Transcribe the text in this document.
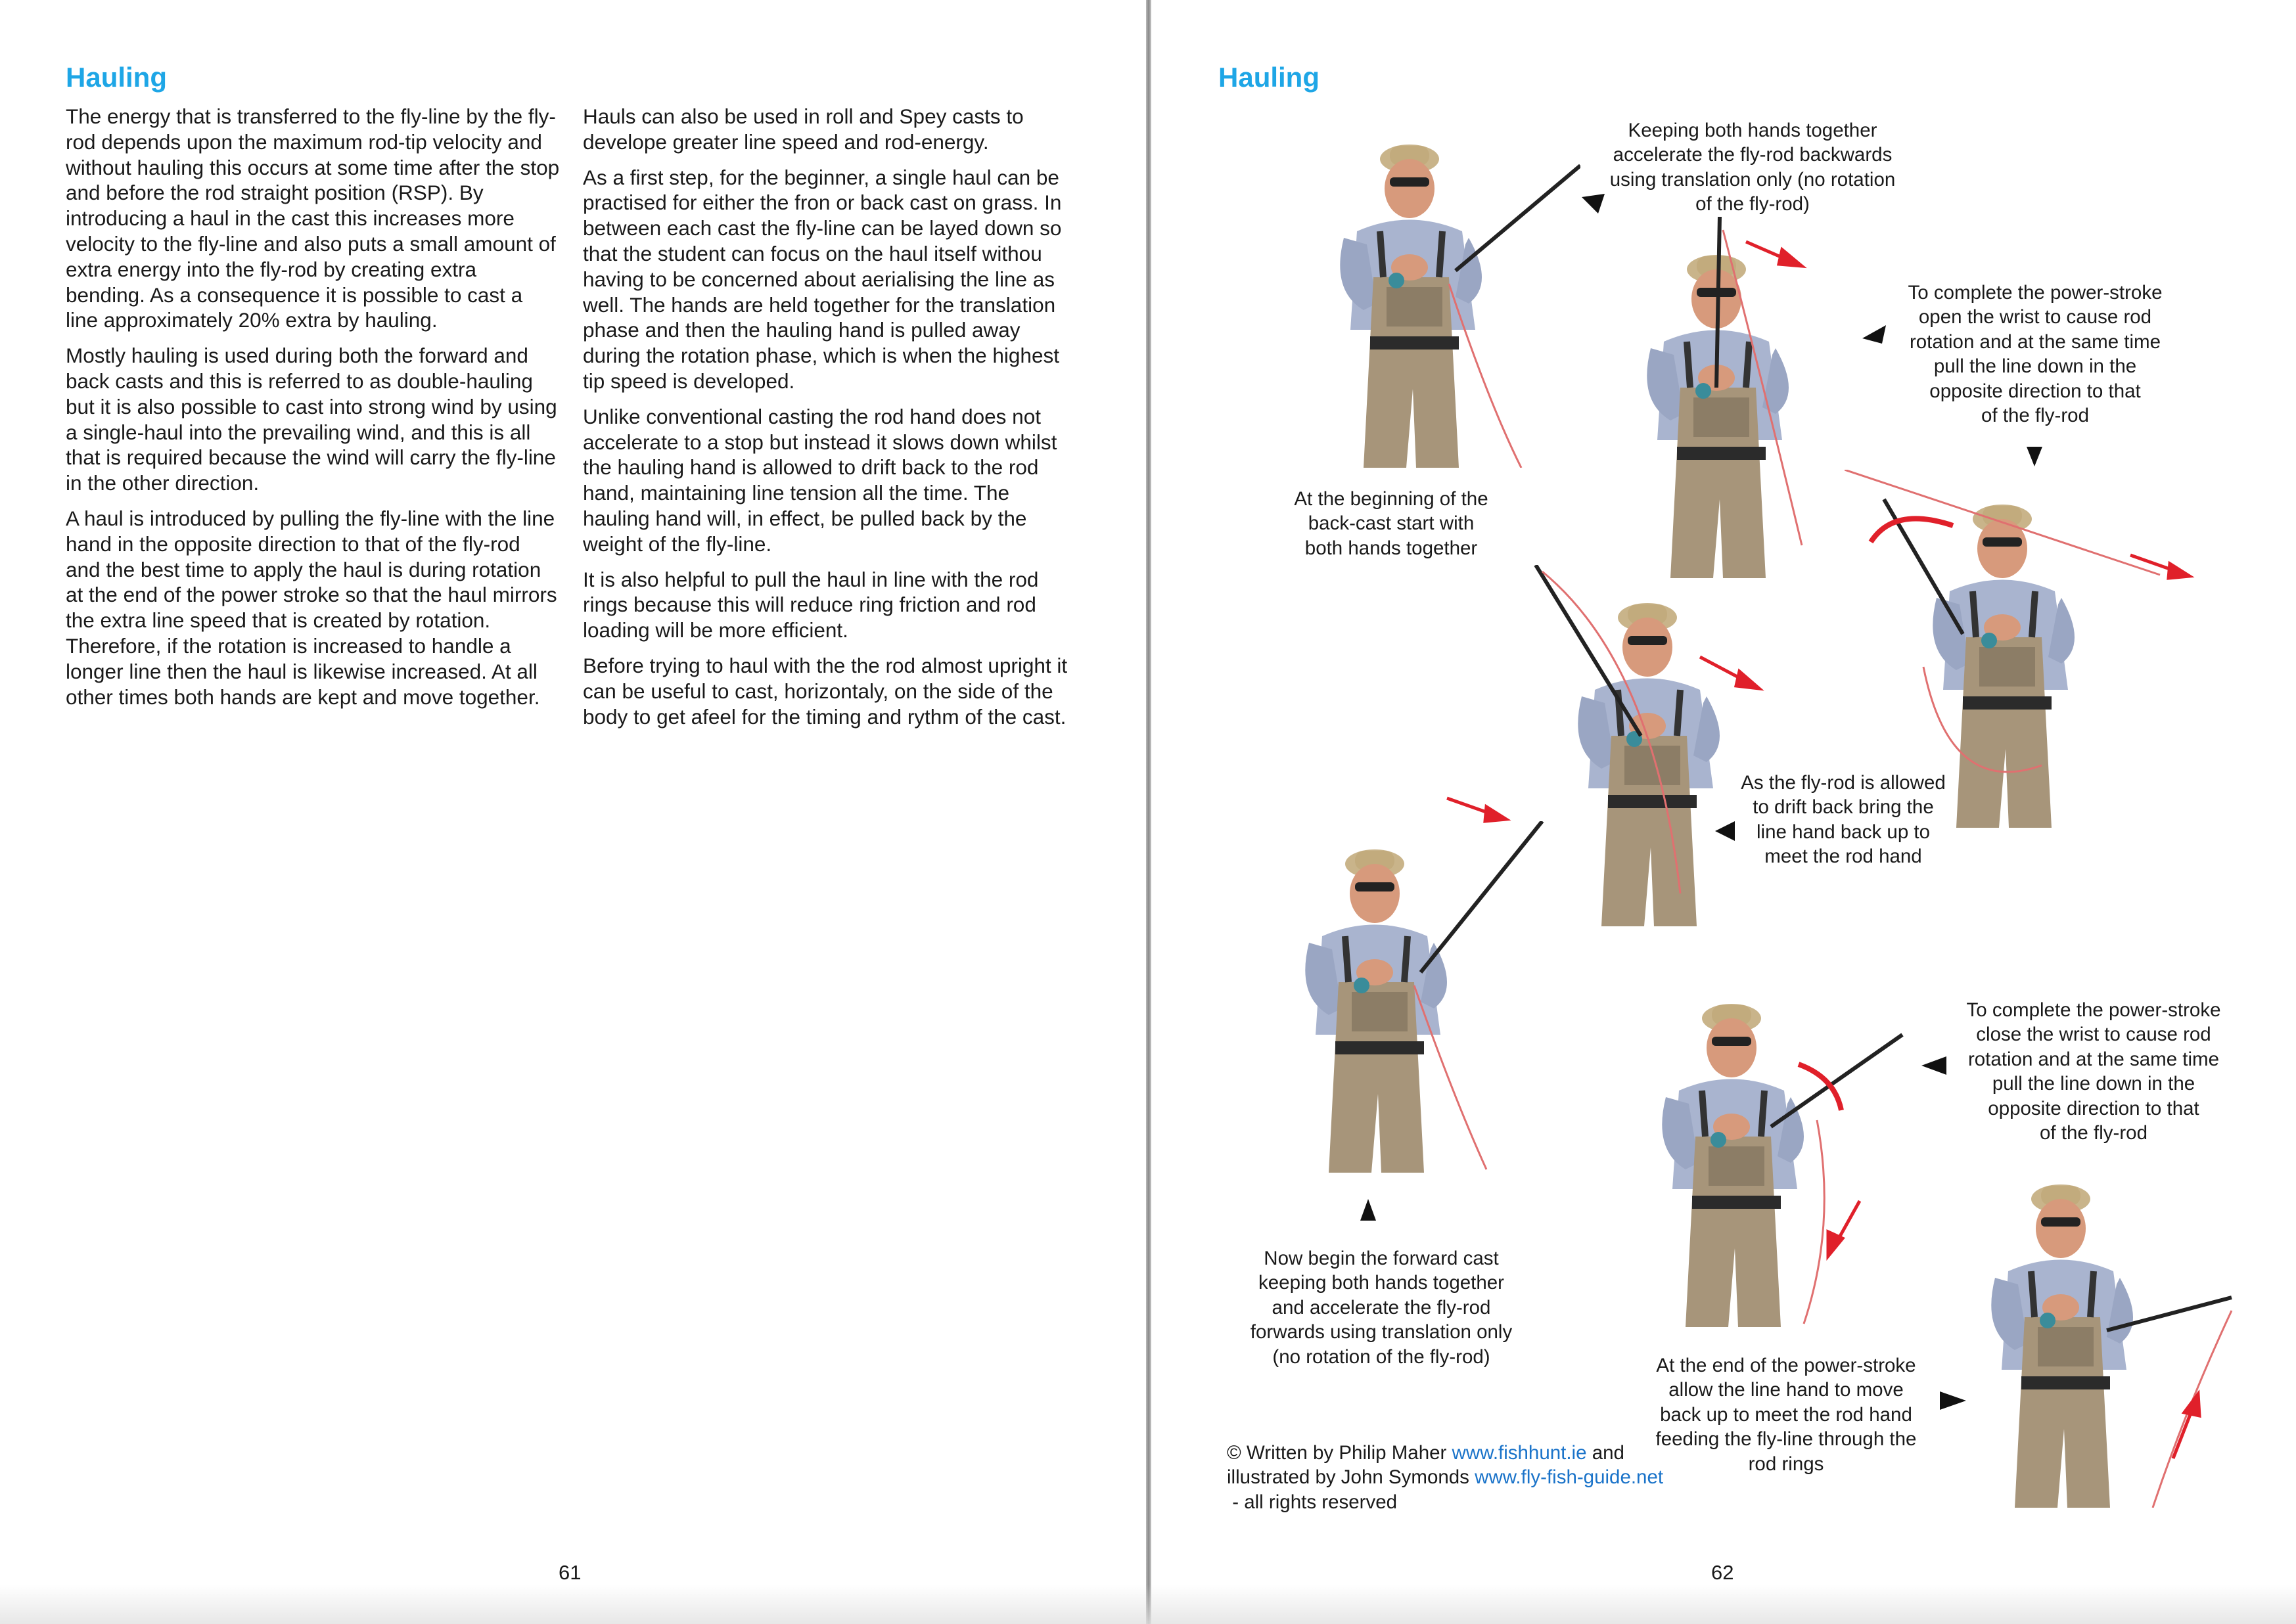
Hauling

The energy that is transferred to the fly-line by the fly-rod depends upon the maximum rod-tip velocity and without hauling this occurs at some time after the stop and before the rod straight position (RSP). By introducing a haul in the cast this increases more velocity to the fly-line and also puts a small amount of extra energy into the fly-rod by creating extra bending. As a consequence it is possible to cast a line approximately 20% extra by hauling.

Mostly hauling is used during both the forward and back casts and this is referred to as double-hauling but it is also possible to cast into strong wind by using a single-haul into the prevailing wind, and this is all that is required because the wind will carry the fly-line in the other direction.

A haul is introduced by pulling the fly-line with the line hand in the opposite direction to that of the fly-rod and the best time to apply the haul is during rotation at the end of the power stroke so that the haul mirrors the extra line speed that is created by rotation. Therefore, if the rotation is increased to handle a longer line then the haul is likewise increased. At all other times both hands are kept and move together.

Hauls can also be used in roll and Spey casts to develope greater line speed and rod-energy.

As a first step, for the beginner, a single haul can be practised for either the fron or back cast on grass. In between each cast the fly-line can be layed down so that the student can focus on the haul itself withou having to be concerned about aerialising the line as well. The hands are held together for the translation phase and then the hauling hand is pulled away during the rotation phase, which is when the highest tip speed is developed.

Unlike conventional casting the rod hand does not accelerate to a stop but instead it slows down whilst the hauling hand is allowed to drift back to the rod hand, maintaining line tension all the time. The hauling hand will, in effect, be pulled back by the weight of the fly-line.

It is also helpful to pull the haul in line with the rod rings because this will reduce ring friction and rod loading will be more efficient.

Before trying to haul with the the rod almost upright it can be useful to cast, horizontaly, on the side of the body to get afeel for the timing and rythm of the cast.

61
Hauling
Keeping both hands together
accelerate the fly-rod backwards
using translation only (no rotation
of the fly-rod)
To complete the power-stroke
open the wrist to cause rod
rotation and at the same time
pull the line down in the
opposite direction to that
of the fly-rod
At the beginning of the
back-cast start with
both hands together
As the fly-rod is allowed
to drift back bring the
line hand back up to
meet the rod hand
To complete the power-stroke
close the wrist to cause rod
rotation and at the same time
pull the line down in the
opposite direction to that
of the fly-rod
Now begin the forward cast
keeping both hands together
and accelerate the fly-rod
forwards using translation only
(no rotation of the fly-rod)	At the end of the power-stroke
allow the line hand to move
back up to meet the rod hand
feeding the fly-line through the
rod rings
© Written by Philip Maher www.fishhunt.ie and
illustrated by John Symonds www.fly-fish-guide.net
- all rights reserved
62
